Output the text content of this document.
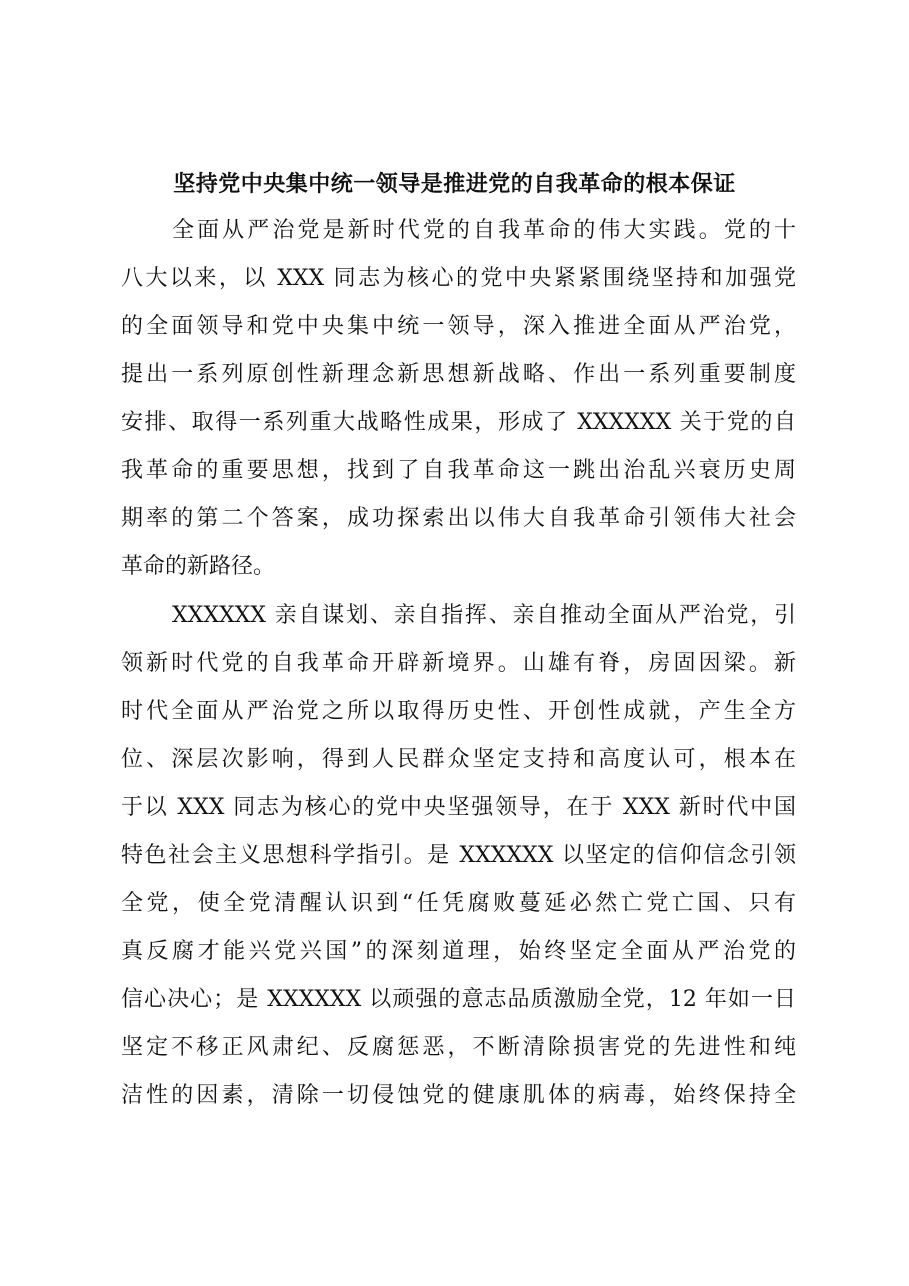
坚持党中央集中统一领导是推进党的自我革命的根本保证

全面从严治党是新时代党的自我革命的伟大实践。党的十

八大以来，以 XXX 同志为核心的党中央紧紧围绕坚持和加强党

的全面领导和党中央集中统一领导，深入推进全面从严治党，

提出一系列原创性新理念新思想新战略、作出一系列重要制度

安排、取得一系列重大战略性成果，形成了 XXXXXX 关于党的自

我革命的重要思想，找到了自我革命这一跳出治乱兴衰历史周

期率的第二个答案，成功探索出以伟大自我革命引领伟大社会

革命的新路径。

XXXXXX 亲自谋划、亲自指挥、亲自推动全面从严治党，引

领新时代党的自我革命开辟新境界。山雄有脊，房固因梁。新

时代全面从严治党之所以取得历史性、开创性成就，产生全方

位、深层次影响，得到人民群众坚定支持和高度认可，根本在

于以 XXX 同志为核心的党中央坚强领导，在于 XXX 新时代中国

特色社会主义思想科学指引。是 XXXXXX 以坚定的信仰信念引领

全党，使全党清醒认识到“任凭腐败蔓延必然亡党亡国、只有

真反腐才能兴党兴国”的深刻道理，始终坚定全面从严治党的

信心决心；是 XXXXXX 以顽强的意志品质激励全党，12 年如一日

坚定不移正风肃纪、反腐惩恶，不断清除损害党的先进性和纯

洁性的因素，清除一切侵蚀党的健康肌体的病毒，始终保持全
